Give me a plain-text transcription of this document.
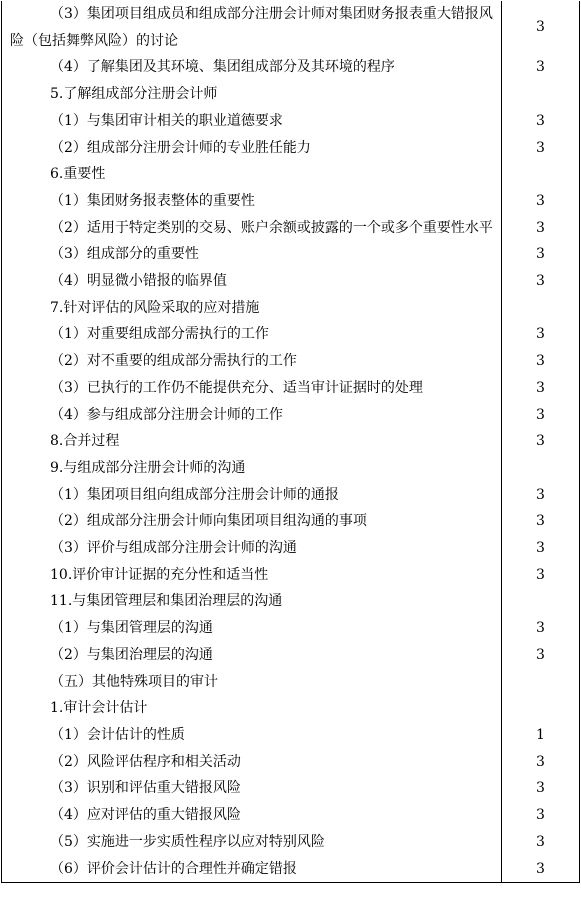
（3）集团项目组成员和组成部分注册会计师对集团财务报表重大错报风险（包括舞弊风险）的讨论	3

（4）了解集团及其环境、集团组成部分及其环境的程序	3

5.了解组成部分注册会计师	

（1）与集团审计相关的职业道德要求	3

（2）组成部分注册会计师的专业胜任能力	3

6.重要性	

（1）集团财务报表整体的重要性	3

（2）适用于特定类别的交易、账户余额或披露的一个或多个重要性水平	3

（3）组成部分的重要性	3

（4）明显微小错报的临界值	3

7.针对评估的风险采取的应对措施	

（1）对重要组成部分需执行的工作	3

（2）对不重要的组成部分需执行的工作	3

（3）已执行的工作仍不能提供充分、适当审计证据时的处理	3

（4）参与组成部分注册会计师的工作	3

8.合并过程	3

9.与组成部分注册会计师的沟通	

（1）集团项目组向组成部分注册会计师的通报	3

（2）组成部分注册会计师向集团项目组沟通的事项	3

（3）评价与组成部分注册会计师的沟通	3

10.评价审计证据的充分性和适当性	3

11.与集团管理层和集团治理层的沟通	

（1）与集团管理层的沟通	3

（2）与集团治理层的沟通	3

（五）其他特殊项目的审计	

1.审计会计估计	

（1）会计估计的性质	1

（2）风险评估程序和相关活动	3

（3）识别和评估重大错报风险	3

（4）应对评估的重大错报风险	3

（5）实施进一步实质性程序以应对特别风险	3

（6）评价会计估计的合理性并确定错报	3
